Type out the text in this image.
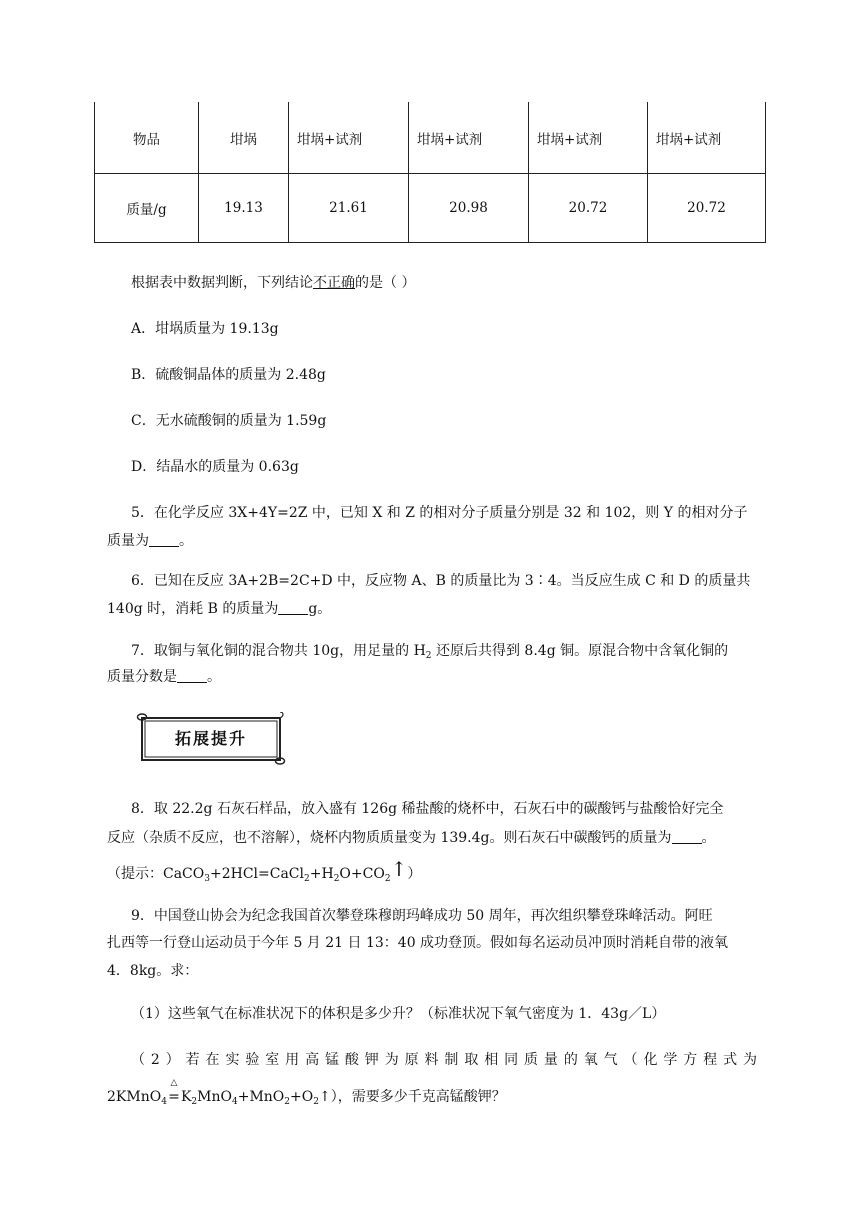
物品	坩埚	坩埚+试剂	坩埚+试剂	坩埚+试剂	坩埚+试剂
质量/g	19.13	21.61	20.98	20.72	20.72
根据表中数据判断，下列结论不正确的是（ ）
A．坩埚质量为 19.13g
B．硫酸铜晶体的质量为 2.48g
C．无水硫酸铜的质量为 1.59g
D．结晶水的质量为 0.63g
5．在化学反应 3X+4Y=2Z 中，已知 X 和 Z 的相对分子质量分别是 32 和 102，则 Y 的相对分子
质量为 。
6．已知在反应 3A+2B=2C+D 中，反应物 A、B 的质量比为 3∶4。当反应生成 C 和 D 的质量共
140g 时，消耗 B 的质量为 g。
7．取铜与氧化铜的混合物共 10g，用足量的 $H_2$ 还原后共得到 8.4g 铜。原混合物中含氧化铜的
质量分数是 。
拓展提升
8．取 22.2g 石灰石样品，放入盛有 126g 稀盐酸的烧杯中，石灰石中的碳酸钙与盐酸恰好完全
反应（杂质不反应，也不溶解），烧杯内物质质量变为 139.4g。则石灰石中碳酸钙的质量为 。
（提示：$CaCO_3+2HCl=CaCl_2+H_2O+CO_2↑$）
9．中国登山协会为纪念我国首次攀登珠穆朗玛峰成功 50 周年，再次组织攀登珠峰活动。阿旺
扎西等一行登山运动员于今年 5 月 21 日 13：40 成功登顶。假如每名运动员冲顶时消耗自带的液氧
4．8kg。求：
（1）这些氧气在标准状况下的体积是多少升？（标准状况下氧气密度为 1．43g／L）
（2）若在实验室用高锰酸钾为原料制取相同质量的氧气（化学方程式为
2KMnO$_4$
△
$=K_2MnO_4+MnO_2+O_2↑$），需要多少千克高锰酸钾？
